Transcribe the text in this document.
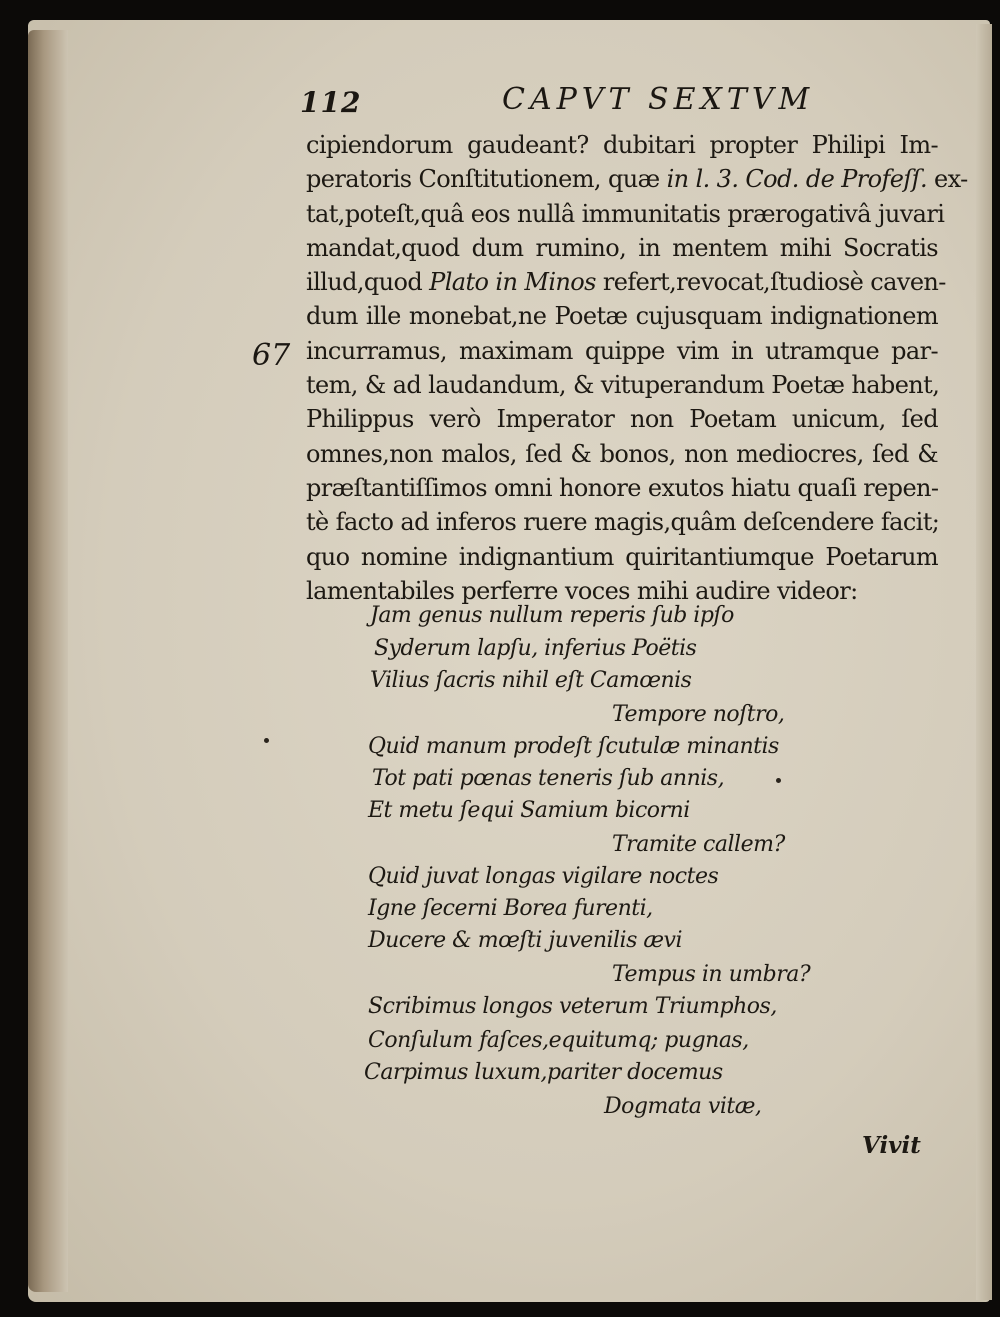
112	CAPVT SEXTVM
67
cipiendorum gaudeant? dubitari propter Philipi Im-
peratoris Conſtitutionem, quæ in l. 3. Cod. de Profeſſ. ex-
tat,poteſt,quâ eos nullâ immunitatis prærogativâ juvari
mandat,quod dum rumino, in mentem mihi Socratis
illud,quod Plato in Minos refert,revocat,ſtudiosè caven-
dum ille monebat,ne Poetæ cujusquam indignationem
incurramus, maximam quippe vim in utramque par-
tem, & ad laudandum, & vituperandum Poetæ habent,
Philippus verò Imperator non Poetam unicum, ſed
omnes,non malos, ſed & bonos, non mediocres, ſed &
præſtantiſſimos omni honore exutos hiatu quaſi repen-
tè facto ad inferos ruere magis,quâm deſcendere facit;
quo nomine indignantium quiritantiumque Poetarum
lamentabiles perferre voces mihi audire videor:
Jam genus nullum reperis ſub ipſo
Syderum lapſu, inferius Poëtis
Vilius ſacris nihil eſt Camœnis
Tempore noſtro,
Quid manum prodeſt ſcutulæ minantis
Tot pati pœnas teneris ſub annis,
Et metu ſequi Samium bicorni
Tramite callem?
Quid juvat longas vigilare noctes
Igne ſecerni Borea furenti,
Ducere & mœſti juvenilis ævi
Tempus in umbra?
Scribimus longos veterum Triumphos,
Conſulum faſces,equitumq; pugnas,
Carpimus luxum,pariter docemus
Dogmata vitæ,
Vivit
